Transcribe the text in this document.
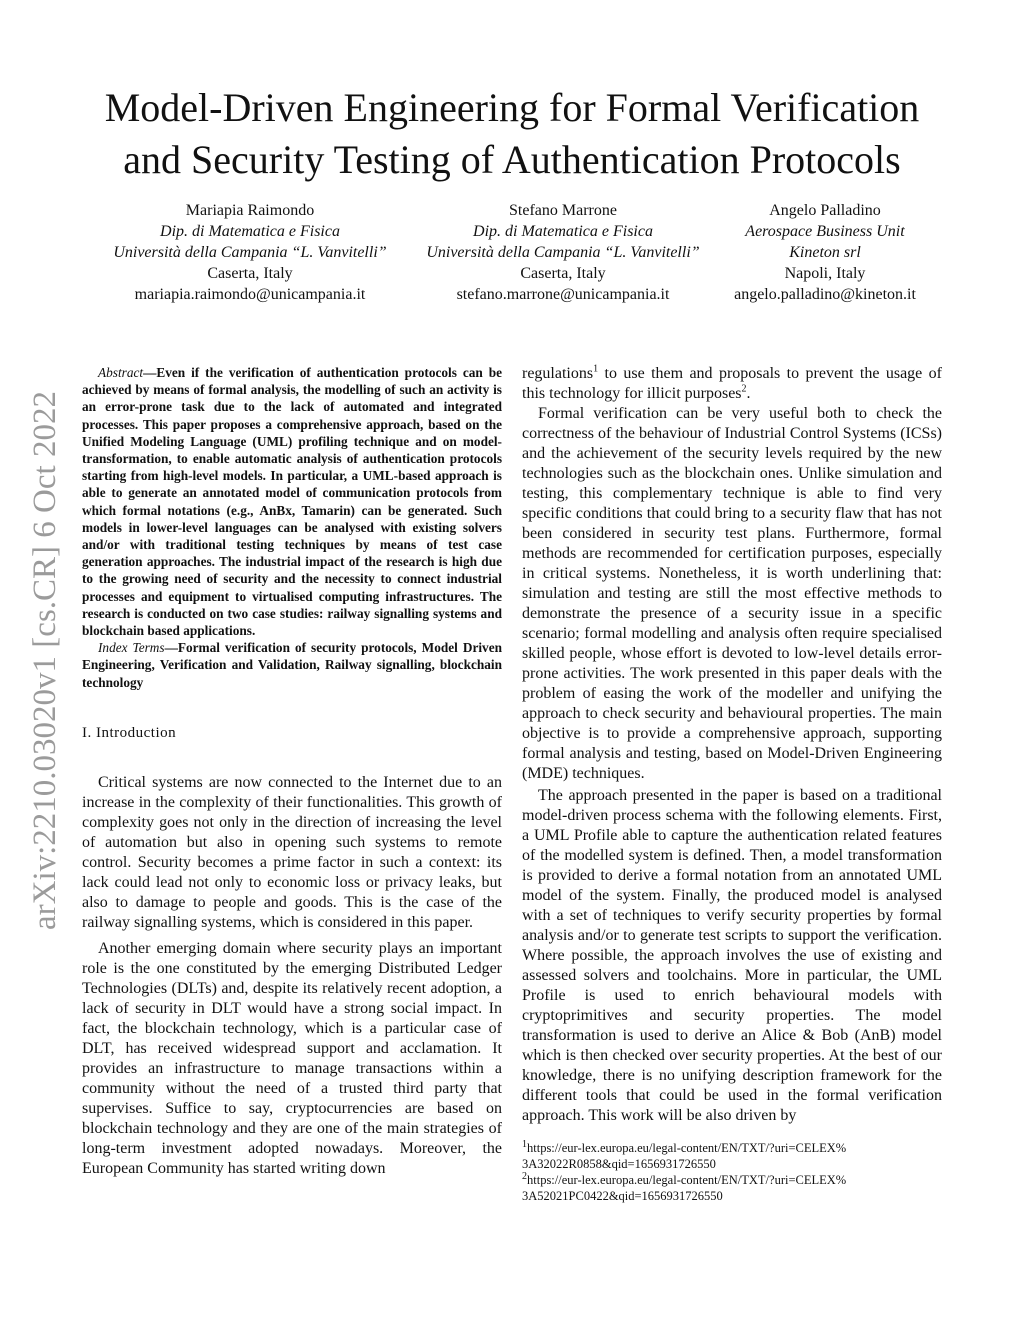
arXiv:2210.03020v1 [cs.CR] 6 Oct 2022
Model-Driven Engineering for Formal Verification
and Security Testing of Authentication Protocols
Mariapia Raimondo
Dip. di Matematica e Fisica
Università della Campania “L. Vanvitelli”
Caserta, Italy
mariapia.raimondo@unicampania.it
Stefano Marrone
Dip. di Matematica e Fisica
Università della Campania “L. Vanvitelli”
Caserta, Italy
stefano.marrone@unicampania.it
Angelo Palladino
Aerospace Business Unit
Kineton srl
Napoli, Italy
angelo.palladino@kineton.it

Abstract—Even if the verification of authentication protocols can be achieved by means of formal analysis, the modelling of such an activity is an error-prone task due to the lack of automated and integrated processes. This paper proposes a comprehensive approach, based on the Unified Modeling Language (UML) profiling technique and on model-transformation, to enable automatic analysis of authentication protocols starting from high-level models. In particular, a UML-based approach is able to generate an annotated model of communication protocols from which formal notations (e.g., AnBx, Tamarin) can be generated. Such models in lower-level languages can be analysed with existing solvers and/or with traditional testing techniques by means of test case generation approaches. The industrial impact of the research is high due to the growing need of security and the necessity to connect industrial processes and equipment to virtualised computing infrastructures. The research is conducted on two case studies: railway signalling systems and blockchain based applications.

Index Terms—Formal verification of security protocols, Model Driven Engineering, Verification and Validation, Railway signalling, blockchain technology

I. Introduction

Critical systems are now connected to the Internet due to an increase in the complexity of their functionalities. This growth of complexity goes not only in the direction of increasing the level of automation but also in opening such systems to remote control. Security becomes a prime factor in such a context: its lack could lead not only to economic loss or privacy leaks, but also to damage to people and goods. This is the case of the railway signalling systems, which is considered in this paper.

Another emerging domain where security plays an important role is the one constituted by the emerging Distributed Ledger Technologies (DLTs) and, despite its relatively recent adoption, a lack of security in DLT would have a strong social impact. In fact, the blockchain technology, which is a particular case of DLT, has received widespread support and acclamation. It provides an infrastructure to manage transactions within a community without the need of a trusted third party that supervises. Suffice to say, cryptocurrencies are based on blockchain technology and they are one of the main strategies of long-term investment adopted nowadays. Moreover, the European Community has started writing down

regulations$^1$ to use them and proposals to prevent the usage of this technology for illicit purposes$^2$.

Formal verification can be very useful both to check the correctness of the behaviour of Industrial Control Systems (ICSs) and the achievement of the security levels required by the new technologies such as the blockchain ones. Unlike simulation and testing, this complementary technique is able to find very specific conditions that could bring to a security flaw that has not been considered in security test plans. Furthermore, formal methods are recommended for certification purposes, especially in critical systems. Nonetheless, it is worth underlining that: simulation and testing are still the most effective methods to demonstrate the presence of a security issue in a specific scenario; formal modelling and analysis often require specialised skilled people, whose effort is devoted to low-level details error-prone activities. The work presented in this paper deals with the problem of easing the work of the modeller and unifying the approach to check security and behavioural properties. The main objective is to provide a comprehensive approach, supporting formal analysis and testing, based on Model-Driven Engineering (MDE) techniques.

The approach presented in the paper is based on a traditional model-driven process schema with the following elements. First, a UML Profile able to capture the authentication related features of the modelled system is defined. Then, a model transformation is provided to derive a formal notation from an annotated UML model of the system. Finally, the produced model is analysed with a set of techniques to verify security properties by formal analysis and/or to generate test scripts to support the verification. Where possible, the approach involves the use of existing and assessed solvers and toolchains. More in particular, the UML Profile is used to enrich behavioural models with cryptoprimitives and security properties. The model transformation is used to derive an Alice & Bob (AnB) model which is then checked over security properties. At the best of our knowledge, there is no unifying description framework for the different tools that could be used in the formal verification approach. This work will be also driven by

$^1$https://eur-lex.europa.eu/legal-content/EN/TXT/?uri=CELEX%
3A32022R0858&qid=1656931726550
$^2$https://eur-lex.europa.eu/legal-content/EN/TXT/?uri=CELEX%
3A52021PC0422&qid=1656931726550
